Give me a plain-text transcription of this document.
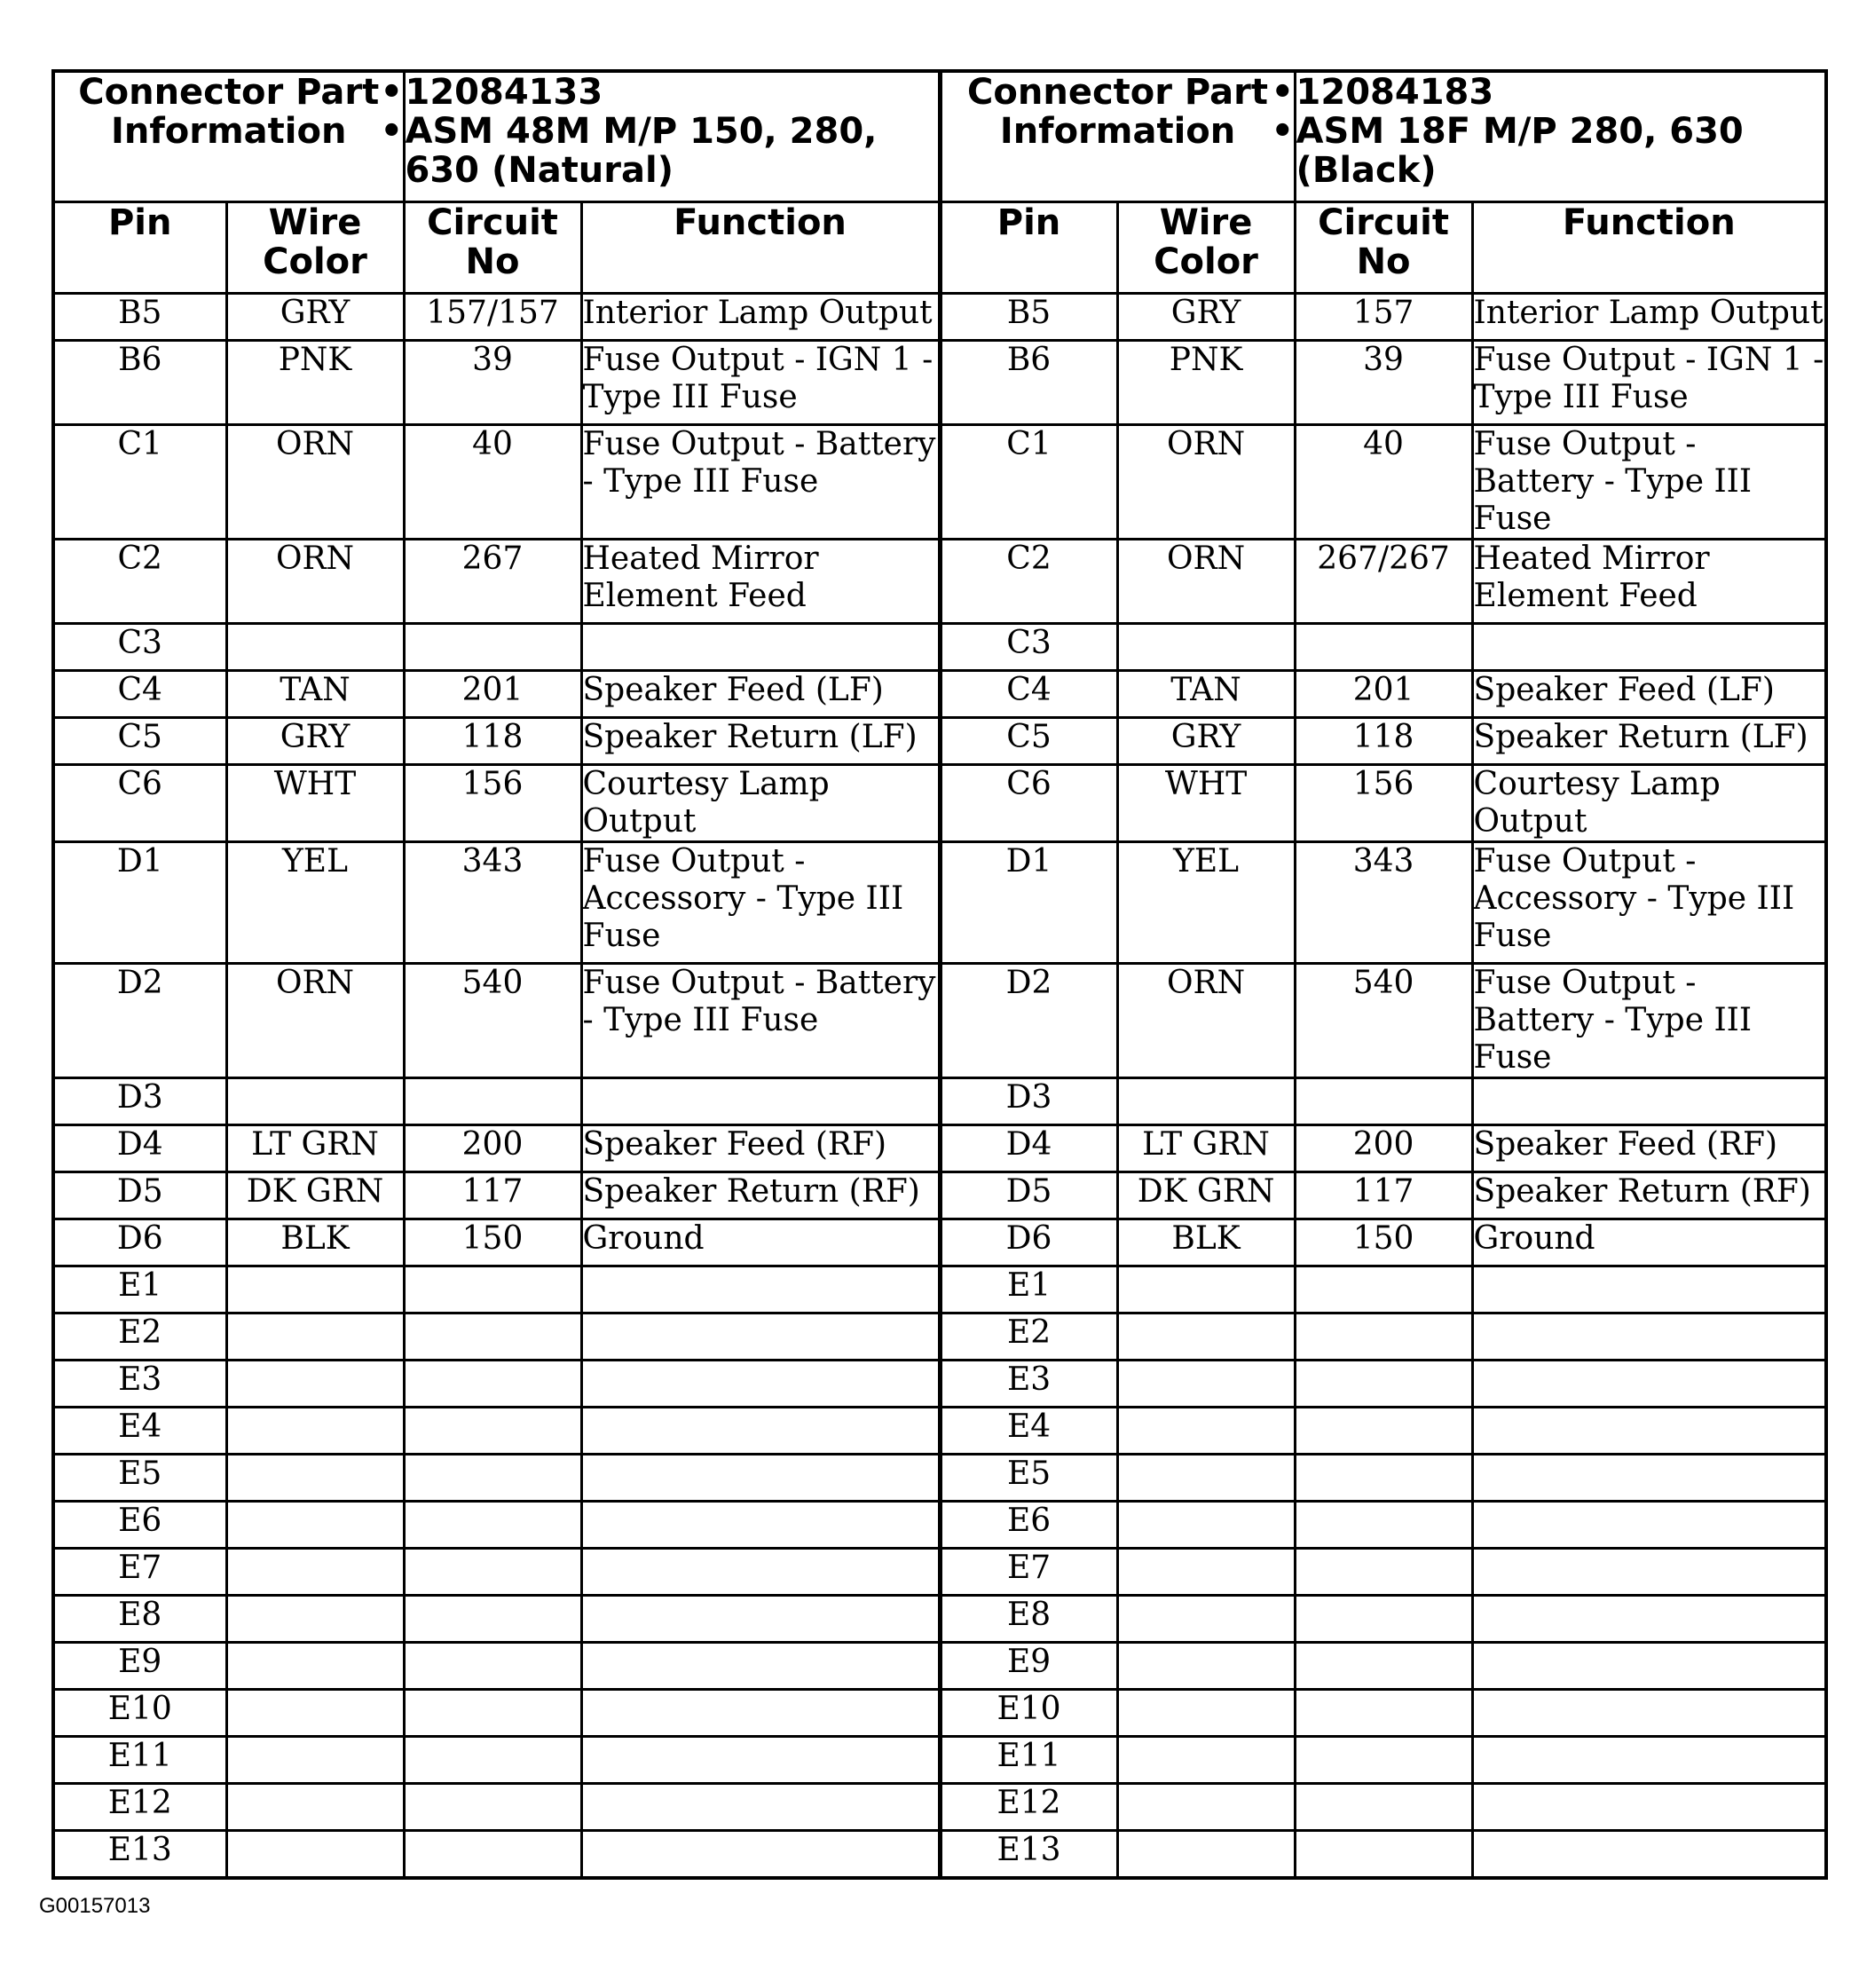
Connector Part Information		• 12084133
• ASM 48M M/P 150, 280, 630 (Natural)		Connector Part Information		• 12084183
• ASM 18F M/P 280, 630 (Black)	

Pin	Wire Color	Circuit No	Function	Pin	Wire Color	Circuit No	Function
B5	GRY	157/157	Interior Lamp Output	B5	GRY	157	Interior Lamp Output
B6	PNK	39	Fuse Output - IGN 1 - Type III Fuse	B6	PNK	39	Fuse Output - IGN 1 - Type III Fuse
C1	ORN	40	Fuse Output - Battery - Type III Fuse	C1	ORN	40	Fuse Output - Battery - Type III Fuse
C2	ORN	267	Heated Mirror Element Feed	C2	ORN	267/267	Heated Mirror Element Feed
C3				C3			
C4	TAN	201	Speaker Feed (LF)	C4	TAN	201	Speaker Feed (LF)
C5	GRY	118	Speaker Return (LF)	C5	GRY	118	Speaker Return (LF)
C6	WHT	156	Courtesy Lamp Output	C6	WHT	156	Courtesy Lamp Output
D1	YEL	343	Fuse Output - Accessory - Type III Fuse	D1	YEL	343	Fuse Output - Accessory - Type III Fuse
D2	ORN	540	Fuse Output - Battery - Type III Fuse	D2	ORN	540	Fuse Output - Battery - Type III Fuse
D3				D3			
D4	LT GRN	200	Speaker Feed (RF)	D4	LT GRN	200	Speaker Feed (RF)
D5	DK GRN	117	Speaker Return (RF)	D5	DK GRN	117	Speaker Return (RF)
D6	BLK	150	Ground	D6	BLK	150	Ground
E1				E1			
E2				E2			
E3				E3			
E4				E4			
E5				E5			
E6				E6			
E7				E7			
E8				E8			
E9				E9			
E10				E10			
E11				E11			
E12				E12			
E13				E13			
G00157013
